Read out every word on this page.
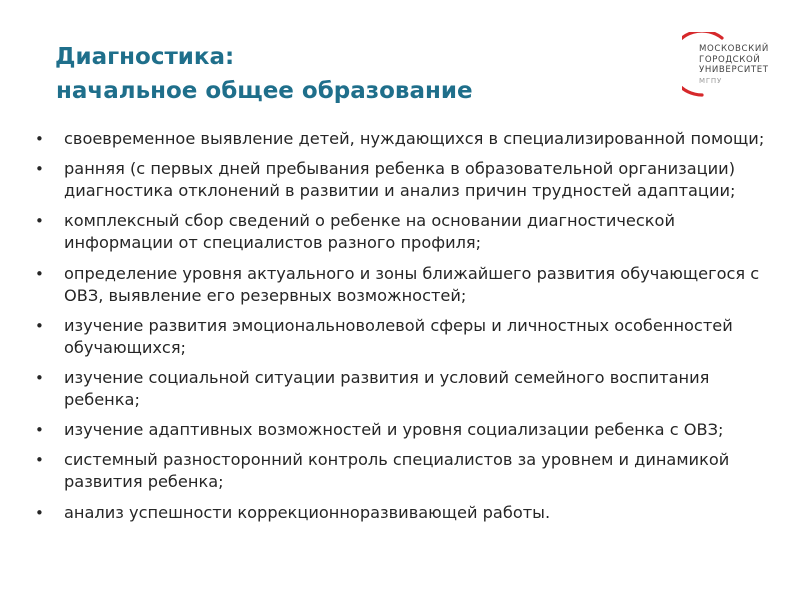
Диагностика:
начальное общее образование
МОСКОВСКИЙ
ГОРОДСКОЙ
УНИВЕРСИТЕТ
МГПУ
• своевременное выявление детей, нуждающихся в специализированной помощи;
• ранняя (с первых дней пребывания ребенка в образовательной организации) диагностика отклонений в развитии и анализ причин трудностей адаптации;
• комплексный сбор сведений о ребенке на основании диагностической информации от специалистов разного профиля;
• определение уровня актуального и зоны ближайшего развития обучающегося с ОВЗ, выявление его резервных возможностей;
• изучение развития эмоциональноволевой сферы и личностных особенностей обучающихся;
• изучение социальной ситуации развития и условий семейного воспитания ребенка;
• изучение адаптивных возможностей и уровня социализации ребенка с ОВЗ;
• системный разносторонний контроль специалистов за уровнем и динамикой развития ребенка;
• анализ успешности коррекционноразвивающей работы.
